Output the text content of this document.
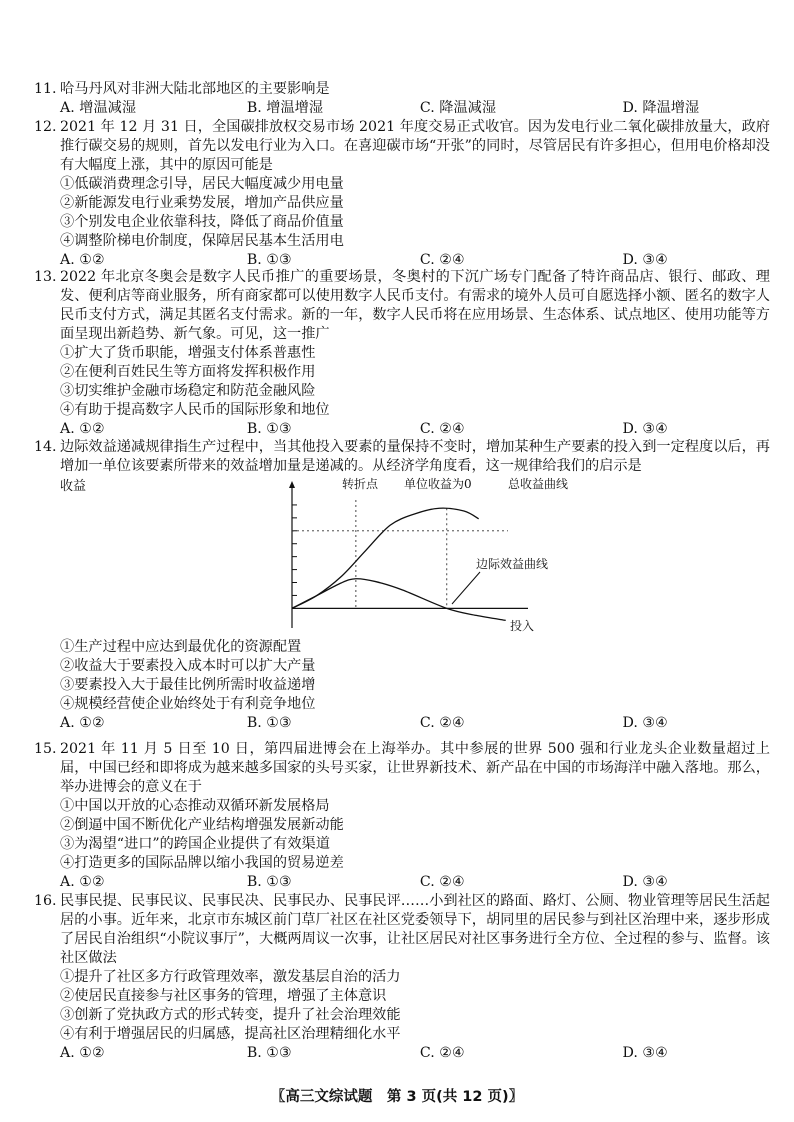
11. 哈马丹风对非洲大陆北部地区的主要影响是
A. 增温减湿	B. 增温增湿	C. 降温减湿	D. 降温增湿
12. 2021 年 12 月 31 日，全国碳排放权交易市场 2021 年度交易正式收官。因为发电行业二氧化碳排放量大，政府推行碳交易的规则，首先以发电行业为入口。在喜迎碳市场“开张”的同时，尽管居民有许多担心，但用电价格却没有大幅度上涨，其中的原因可能是
①低碳消费理念引导，居民大幅度减少用电量
②新能源发电行业乘势发展，增加产品供应量
③个别发电企业依靠科技，降低了商品价值量
④调整阶梯电价制度，保障居民基本生活用电
A. ①②	B. ①③	C. ②④	D. ③④
13. 2022 年北京冬奥会是数字人民币推广的重要场景，冬奥村的下沉广场专门配备了特许商品店、银行、邮政、理发、便利店等商业服务，所有商家都可以使用数字人民币支付。有需求的境外人员可自愿选择小额、匿名的数字人民币支付方式，满足其匿名支付需求。新的一年，数字人民币将在应用场景、生态体系、试点地区、使用功能等方面呈现出新趋势、新气象。可见，这一推广
①扩大了货币职能，增强支付体系普惠性
②在便利百姓民生等方面将发挥积极作用
③切实维护金融市场稳定和防范金融风险
④有助于提高数字人民币的国际形象和地位
A. ①②	B. ①③	C. ②④	D. ③④
14. 边际效益递减规律指生产过程中，当其他投入要素的量保持不变时，增加某种生产要素的投入到一定程度以后，再增加一单位该要素所带来的效益增加量是递减的。从经济学角度看，这一规律给我们的启示是
收益
投入
转折点 单位收益为0	总收益曲线
边际效益曲线
①生产过程中应达到最优化的资源配置
②收益大于要素投入成本时可以扩大产量
③要素投入大于最佳比例所需时收益递增
④规模经营使企业始终处于有利竞争地位
A. ①②	B. ①③	C. ②④	D. ③④
15. 2021 年 11 月 5 日至 10 日，第四届进博会在上海举办。其中参展的世界 500 强和行业龙头企业数量超过上届，中国已经和即将成为越来越多国家的头号买家，让世界新技术、新产品在中国的市场海洋中融入落地。那么，举办进博会的意义在于
①中国以开放的心态推动双循环新发展格局
②倒逼中国不断优化产业结构增强发展新动能
③为渴望“进口”的跨国企业提供了有效渠道
④打造更多的国际品牌以缩小我国的贸易逆差
A. ①②	B. ①③	C. ②④	D. ③④
16. 民事民提、民事民议、民事民决、民事民办、民事民评……小到社区的路面、路灯、公厕、物业管理等居民生活起居的小事。近年来，北京市东城区前门草厂社区在社区党委领导下，胡同里的居民参与到社区治理中来，逐步形成了居民自治组织“小院议事厅”，大概两周议一次事，让社区居民对社区事务进行全方位、全过程的参与、监督。该社区做法
①提升了社区多方行政管理效率，激发基层自治的活力
②使居民直接参与社区事务的管理，增强了主体意识
③创新了党执政方式的形式转变，提升了社会治理效能
④有利于增强居民的归属感，提高社区治理精细化水平
A. ①②	B. ①③	C. ②④	D. ③④
〖高三文综试题　第 3 页(共 12 页)〗
